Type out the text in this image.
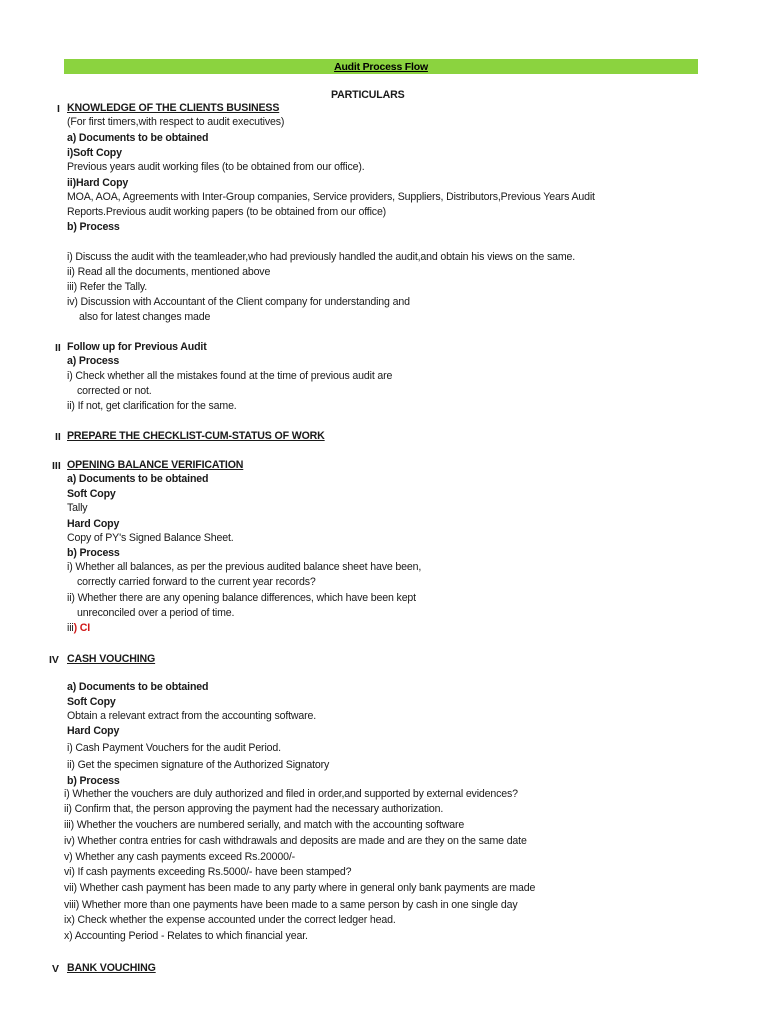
Audit Process Flow
PARTICULARS
I KNOWLEDGE OF THE CLIENTS BUSINESS
(For first timers,with respect to audit executives)
a) Documents to be obtained
i)Soft Copy
Previous years audit working files (to be obtained from our office).
ii)Hard Copy
MOA, AOA, Agreements with Inter-Group companies, Service providers, Suppliers, Distributors,Previous Years Audit
Reports.Previous audit working papers (to be obtained from our office)
b) Process
i) Discuss the audit with the teamleader,who had previously handled the audit,and obtain his views on the same.
ii) Read all the documents, mentioned above
iii) Refer the Tally.
iv) Discussion with Accountant of the Client company for understanding and
also for latest changes made
II Follow up for Previous Audit
a) Process
i) Check whether all the mistakes found at the time of previous audit are
corrected or not.
ii) If not, get clarification for the same.
II PREPARE THE CHECKLIST-CUM-STATUS OF WORK
III OPENING BALANCE VERIFICATION
a) Documents to be obtained
Soft Copy
Tally
Hard Copy
Copy of PY's Signed Balance Sheet.
b) Process
i) Whether all balances, as per the previous audited balance sheet have been,
correctly carried forward to the current year records?
ii) Whether there are any opening balance differences, which have been kept
unreconciled over a period of time.
iii) CI
IV CASH VOUCHING
a) Documents to be obtained
Soft Copy
Obtain a relevant extract from the accounting software.
Hard Copy
i) Cash Payment Vouchers for the audit Period.
ii) Get the specimen signature of the Authorized Signatory
b) Process
i) Whether the vouchers are duly authorized and filed in order,and supported by external evidences?
ii) Confirm that, the person approving the payment had the necessary authorization.
iii) Whether the vouchers are numbered serially, and match with the accounting software
iv) Whether contra entries for cash withdrawals and deposits are made and are they on the same date
v) Whether any cash payments exceed Rs.20000/-
vi) If cash payments exceeding Rs.5000/- have been stamped?
vii) Whether cash payment has been made to any party where in general only bank payments are made
viii) Whether more than one payments have been made to a same person by cash in one single day
ix) Check whether the expense accounted under the correct ledger head.
x) Accounting Period - Relates to which financial year.
V BANK VOUCHING
